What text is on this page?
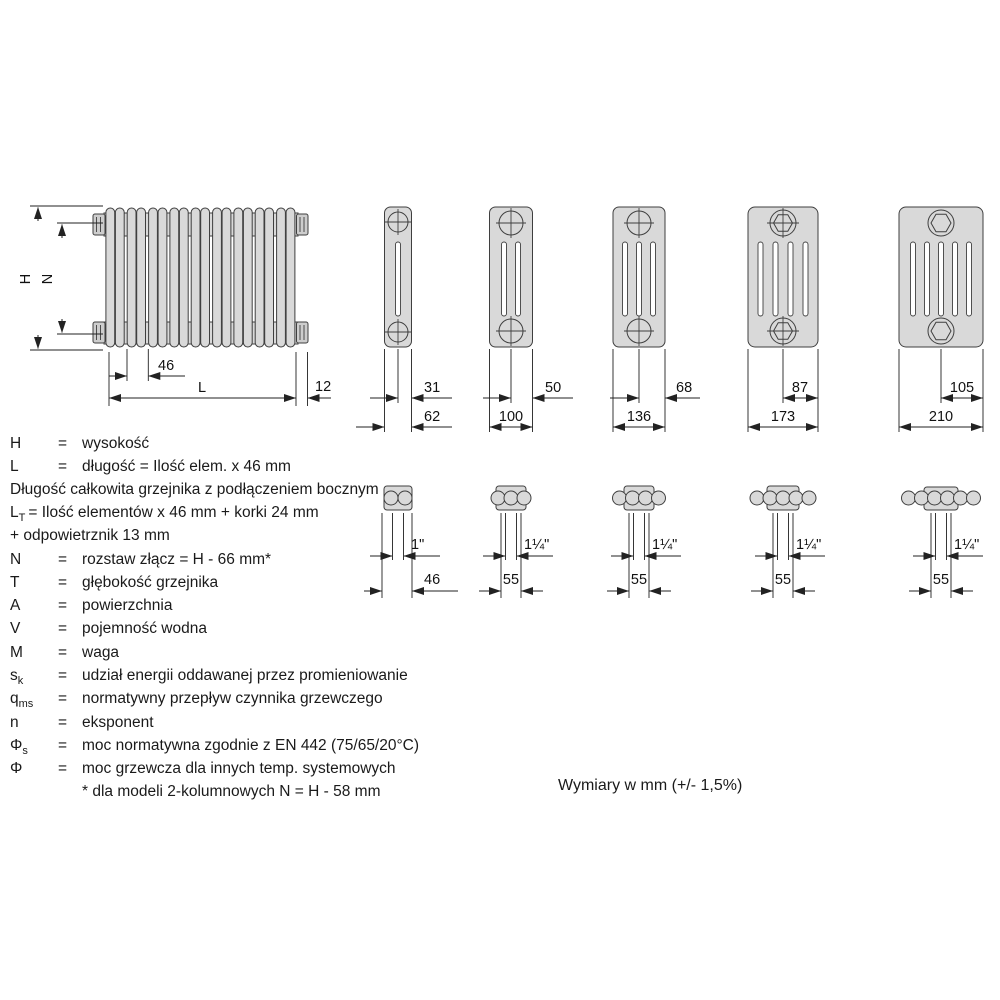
H N
46
L	12	31
62
50
100
68
136
87
173
105
210
1"
46
1¼"
55
1¼"
55
1¼"
55
1¼"
55
H = wysokość
L	= długość = Ilość elem. x 46 mm
Długość całkowita grzejnika z podłączeniem bocznym
$L_T$ = Ilość elementów x 46 mm + korki 24 mm
+ odpowietrznik 13 mm
N = rozstaw złącz = H - 66 mm*
T = głębokość grzejnika
A = powierzchnia
V = pojemność wodna
M = waga
$s_k$ = udział energii oddawanej przez promieniowanie
$q_{ms}$ = normatywny przepływ czynnika grzewczego
n	= eksponent
$\Phi_s$ = moc normatywna zgodnie z EN 442 (75/65/20°C)
Φ = moc grzewcza dla innych temp. systemowych
* dla modeli 2-kolumnowych N = H - 58 mm	Wymiary w mm (+/- 1,5%)
